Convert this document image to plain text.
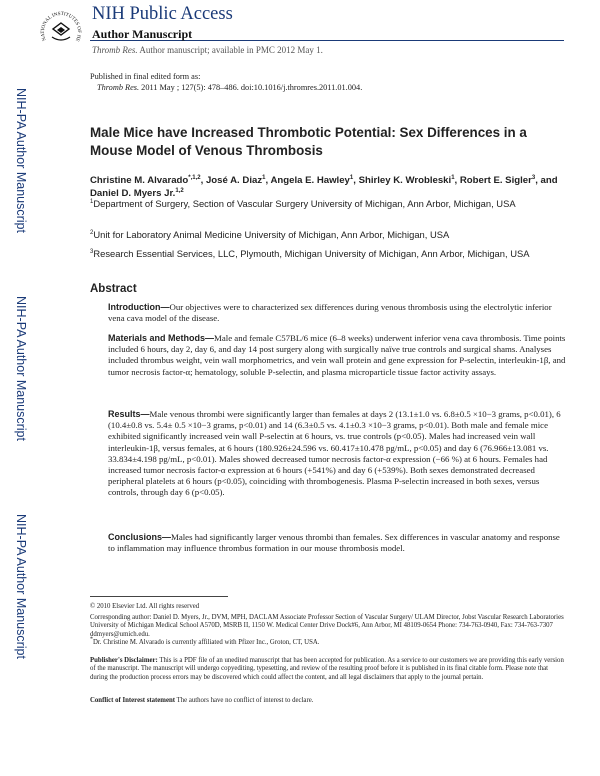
NATIONAL INSTITUTES OF HE
NIH Public Access
Author Manuscript
Thromb Res. Author manuscript; available in PMC 2012 May 1.
Published in final edited form as:
Thromb Res. 2011 May ; 127(5): 478–486. doi:10.1016/j.thromres.2011.01.004.
NIH-PA Author Manuscript
NIH-PA Author Manuscript
NIH-PA Author Manuscript
Male Mice have Increased Thrombotic Potential: Sex Differences in a Mouse Model of Venous Thrombosis
Christine M. Alvarado$^{*,1,2}$, José A. Diaz$^1$, Angela E. Hawley$^1$, Shirley K. Wrobleski$^1$, Robert E. Sigler$^3$, and Daniel D. Myers Jr.$^{1,2}$
$^1$Department of Surgery, Section of Vascular Surgery University of Michigan, Ann Arbor, Michigan, USA
$^2$Unit for Laboratory Animal Medicine University of Michigan, Ann Arbor, Michigan, USA
$^3$Research Essential Services, LLC, Plymouth, Michigan University of Michigan, Ann Arbor, Michigan, USA
Abstract
Introduction—Our objectives were to characterized sex differences during venous thrombosis using the electrolytic inferior vena cava model of the disease.
Materials and Methods—Male and female C57BL/6 mice (6–8 weeks) underwent inferior vena cava thrombosis. Time points included 6 hours, day 2, day 6, and day 14 post surgery along with surgically naïve true controls and surgical shams. Analyses included thrombus weight, vein wall morphometrics, and vein wall protein and gene expression for P-selectin, interleukin-1β, and tumor necrosis factor-α; hematology, soluble P-selectin, and plasma microparticle tissue factor activity assays.
Results—Male venous thrombi were significantly larger than females at days 2 (13.1±1.0 vs. 6.8±0.5 ×10−3 grams, p<0.01), 6 (10.4±0.8 vs. 5.4± 0.5 ×10−3 grams, p<0.01) and 14 (6.3±0.5 vs. 4.1±0.3 ×10−3 grams, p<0.01). Both male and female mice exhibited significantly increased vein wall P-selectin at 6 hours, vs. true controls (p<0.05). Males had increased vein wall interleukin-1β, versus females, at 6 hours (180.926±24.596 vs. 60.417±10.478 pg/mL, p<0.05) and day 6 (76.966±13.081 vs. 33.834±4.198 pg/mL, p<0.01). Males showed decreased tumor necrosis factor-α expression (−66 %) at 6 hours. Females had increased tumor necrosis factor-α expression at 6 hours (+541%) and day 6 (+539%). Both sexes demonstrated decreased peripheral platelets at 6 hours (p<0.05), coinciding with thrombogenesis. Plasma P-selectin increased in both sexes, versus controls, through day 6 (p<0.05).
Conclusions—Males had significantly larger venous thrombi than females. Sex differences in vascular anatomy and response to inflammation may influence thrombus formation in our mouse thrombosis model.
© 2010 Elsevier Ltd. All rights reserved
Corresponding author: Daniel D. Myers, Jr., DVM, MPH, DACLAM Associate Professor Section of Vascular Surgery/ ULAM Director, Jobst Vascular Research Laboratories University of Michigan Medical School A570D, MSRB II, 1150 W. Medical Center Drive Dock#6, Ann Arbor, MI 48109-0654 Phone: 734-763-0940, Fax: 734-763-7307 ddmyers@umich.edu.
*Dr. Christine M. Alvarado is currently affiliated with Pfizer Inc., Groton, CT, USA.
Publisher's Disclaimer: This is a PDF file of an unedited manuscript that has been accepted for publication. As a service to our customers we are providing this early version of the manuscript. The manuscript will undergo copyediting, typesetting, and review of the resulting proof before it is published in its final citable form. Please note that during the production process errors may be discovered which could affect the content, and all legal disclaimers that apply to the journal pertain.
Conflict of Interest statement The authors have no conflict of interest to declare.
